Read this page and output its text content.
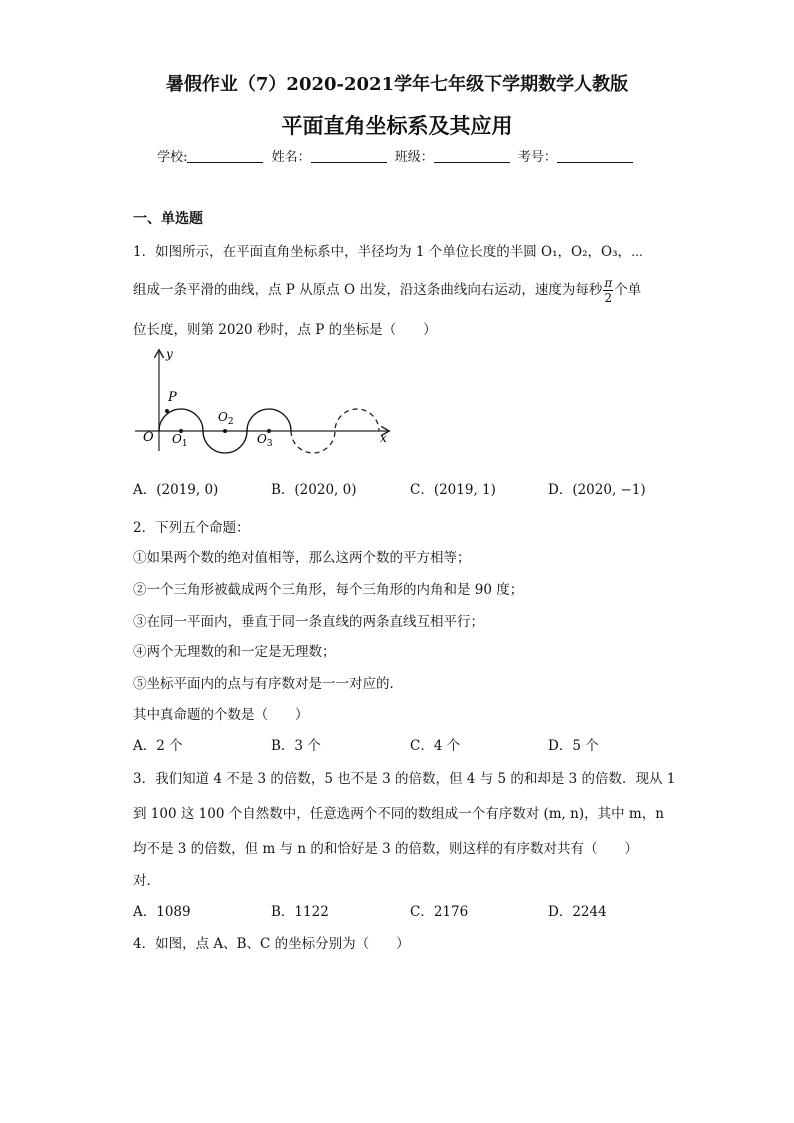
暑假作业（7）2020-2021学年七年级下学期数学人教版
平面直角坐标系及其应用
学校:	姓名：	班级：	考号：
一、单选题
1．如图所示，在平面直角坐标系中，半径均为 1 个单位长度的半圆 O₁，O₂，O₃，⋯
组成一条平滑的曲线，点 P 从原点 O 出发，沿这条曲线向右运动，速度为每秒 $\frac{\pi}{2}$ 个单
位长度，则第 2020 秒时，点 P 的坐标是（　　）
y
x
O
P
$O_1$
$O_2$
$O_3$
A．(2019, 0)	B．(2020, 0)	C．(2019, 1)	D．(2020, −1)
2．下列五个命题：
①如果两个数的绝对值相等，那么这两个数的平方相等；
②一个三角形被截成两个三角形，每个三角形的内角和是 90 度；
③在同一平面内，垂直于同一条直线的两条直线互相平行；
④两个无理数的和一定是无理数；
⑤坐标平面内的点与有序数对是一一对应的．
其中真命题的个数是（　　）
A．2 个	B．3 个	C．4 个	D．5 个
3．我们知道 4 不是 3 的倍数，5 也不是 3 的倍数，但 4 与 5 的和却是 3 的倍数．现从 1
到 100 这 100 个自然数中，任意选两个不同的数组成一个有序数对 (m, n)，其中 m，n
均不是 3 的倍数，但 m 与 n 的和恰好是 3 的倍数，则这样的有序数对共有（　　）
对．
A．1089	B．1122	C．2176	D．2244
4．如图，点 A、B、C 的坐标分别为（　　）
